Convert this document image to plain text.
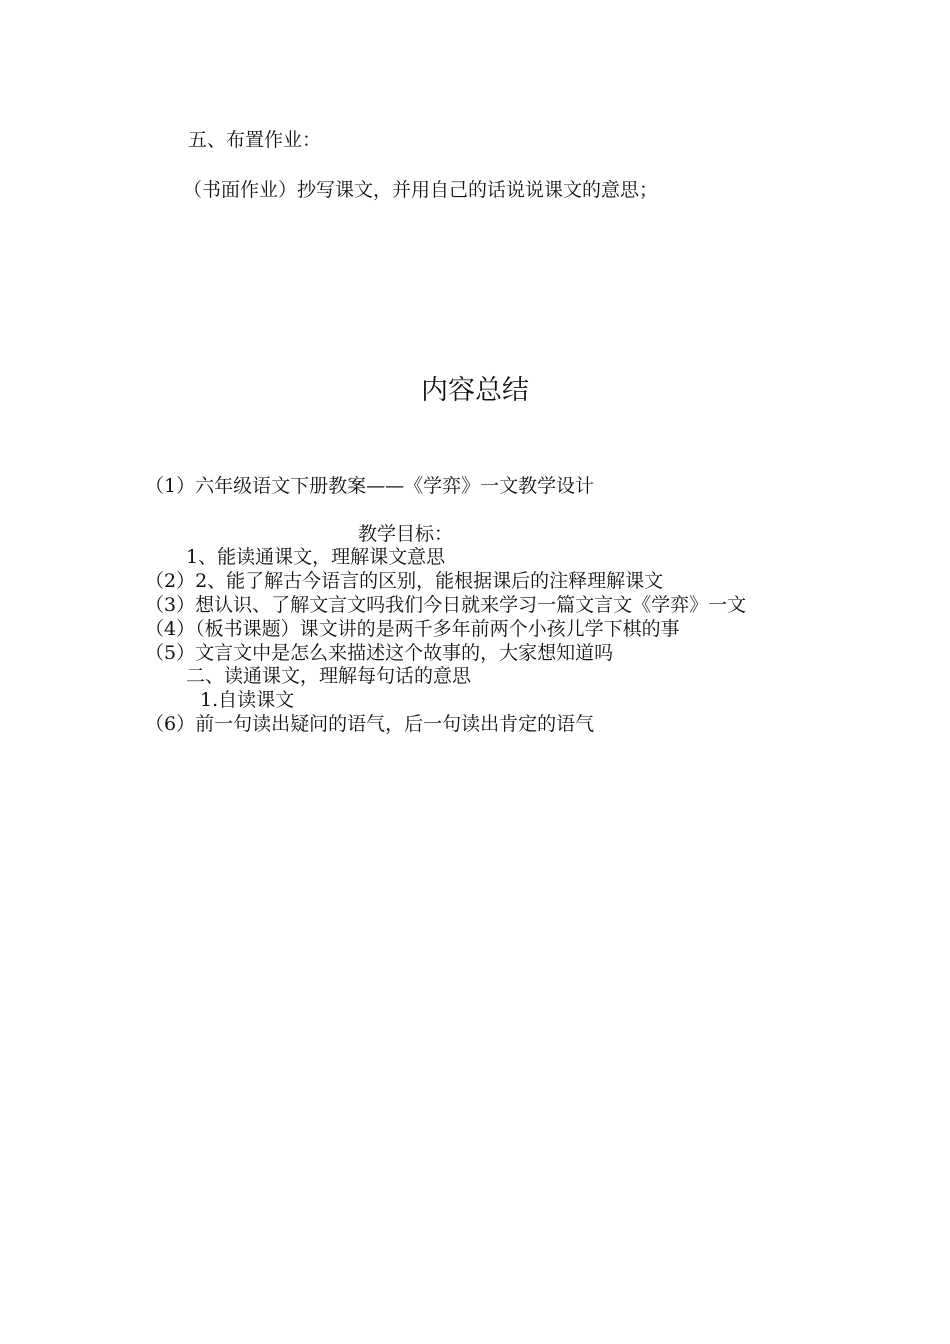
五、布置作业：
（书面作业）抄写课文，并用自己的话说说课文的意思；
内容总结
（1）六年级语文下册教案——《学弈》一文教学设计
教学目标：
1、能读通课文，理解课文意思
（2）2、能了解古今语言的区别，能根据课后的注释理解课文
（3）想认识、了解文言文吗我们今日就来学习一篇文言文《学弈》一文
（4）（板书课题）课文讲的是两千多年前两个小孩儿学下棋的事
（5）文言文中是怎么来描述这个故事的，大家想知道吗
二、读通课文，理解每句话的意思
1.自读课文
（6）前一句读出疑问的语气，后一句读出肯定的语气
